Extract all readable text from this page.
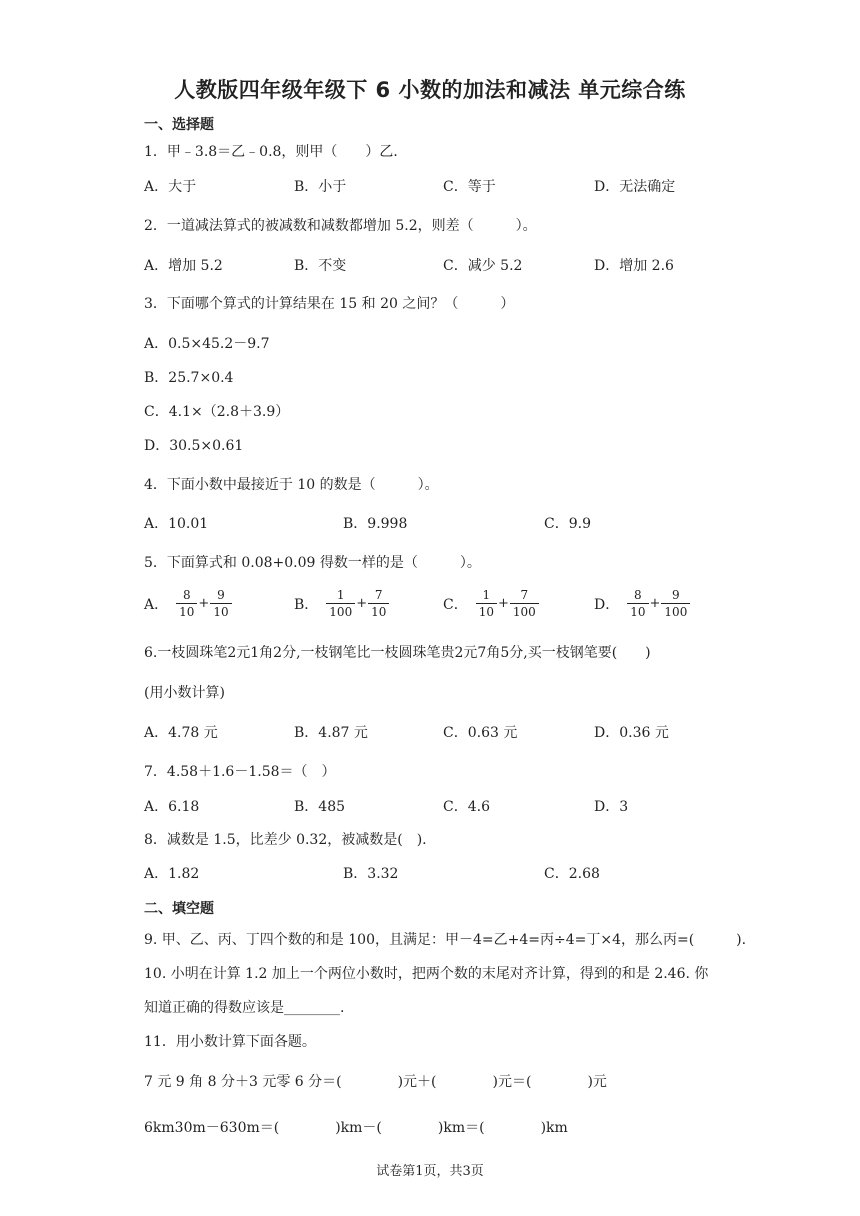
人教版四年级年级下 6 小数的加法和减法 单元综合练
一、选择题
1．甲﹣3.8＝乙﹣0.8，则甲（　　）乙．
A．大于	B．小于	C．等于	D．无法确定
2．一道减法算式的被减数和减数都增加 5.2，则差（　　　）。
A．增加 5.2	B．不变	C．减少 5.2	D．增加 2.6
3．下面哪个算式的计算结果在 15 和 20 之间？（　　　）
A．0.5×45.2－9.7
B．25.7×0.4
C．4.1×（2.8＋3.9）
D．30.5×0.61
4．下面小数中最接近于 10 的数是（　　　）。
A．10.01	B．9.998	C．9.9
5．下面算式和 0.08+0.09 得数一样的是（　　　）。
A． $\frac{8}{10} + \frac{9}{10}$	B． $\frac{1}{100} + \frac{7}{10}$	C． $\frac{1}{10} + \frac{7}{100}$	D． $\frac{8}{10} + \frac{9}{100}$
6.一枝圆珠笔2元1角2分,一枝钢笔比一枝圆珠笔贵2元7角5分,买一枝钢笔要(　　)
(用小数计算)
A．4.78 元	B．4.87 元	C．0.63 元	D．0.36 元
7．4.58＋1.6－1.58＝（　）
A．6.18	B．485	C．4.6	D．3
8．减数是 1.5，比差少 0.32，被减数是(　).
A．1.82	B．3.32	C．2.68
二、填空题
9. 甲、乙、丙、丁四个数的和是 100，且满足：甲－4=乙+4=丙÷4=丁×4，那么丙=(　　　).
10. 小明在计算 1.2 加上一个两位小数时，把两个数的末尾对齐计算，得到的和是 2.46. 你
知道正确的得数应该是________.
11．用小数计算下面各题。
7 元 9 角 8 分＋3 元零 6 分＝(　　　　)元＋(　　　　)元＝(　　　　)元
6km30m－630m＝(　　　　)km－(　　　　)km＝(　　　　)km
试卷第1页，共3页
